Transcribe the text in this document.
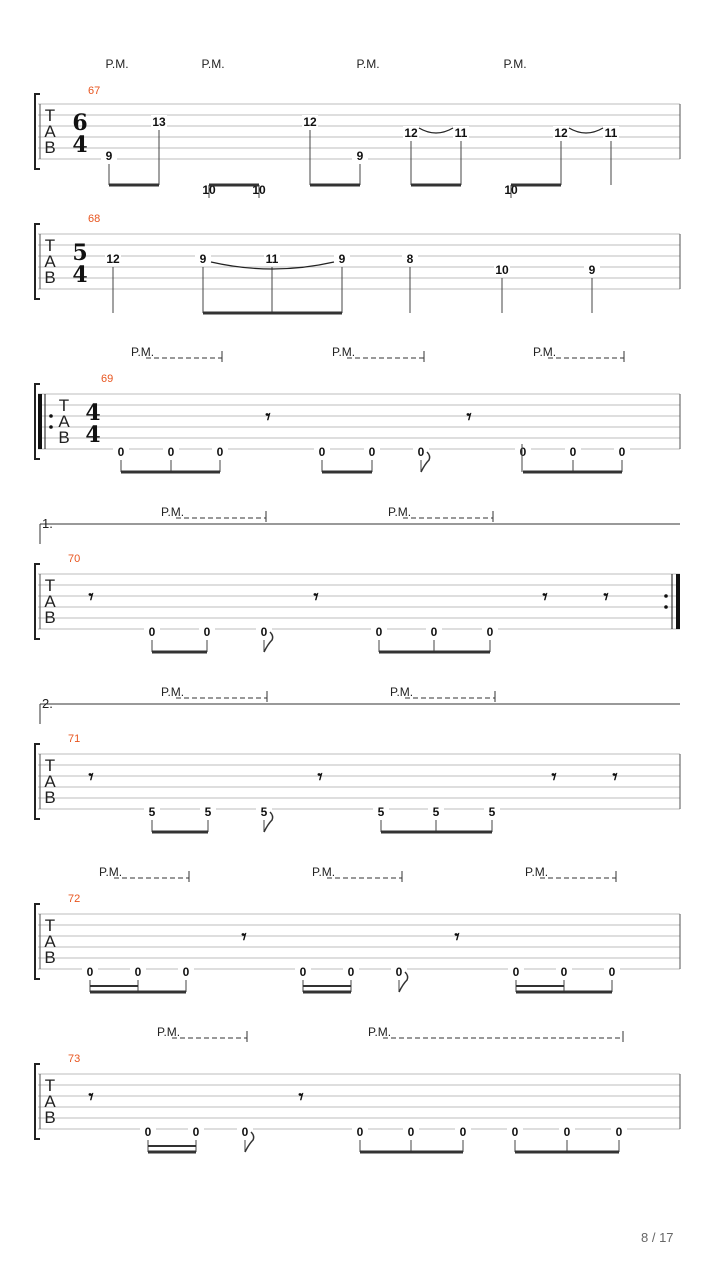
T
A
B
67
6
4
P.M.	P.M.	P.M.	P.M.
9
13
10	10
12
9
12	11
10
12	11
T
A
B
68
5
4
12	9	11	9	8
10	9
T
A
B
69
4
4
P.M.	P.M.	P.M.
0	0	0	0	0	0	0	0	0
𝄾	𝄾
T
A
B
70
1.
P.M.	P.M.
0	0	0	0	0	0
𝄾	𝄾	𝄾	𝄾
T
A
B
71
2.
P.M.	P.M.
5	5	5	5	5	5
𝄾	𝄾	𝄾	𝄾
T
A
B
72
P.M.	P.M.	P.M.
0	0	0	0	0	0	0	0	0
𝄾	𝄾
T
A
B
73
P.M.	P.M.
0	0	0	0	0	0	0	0	0
𝄾	𝄾
8 / 17
